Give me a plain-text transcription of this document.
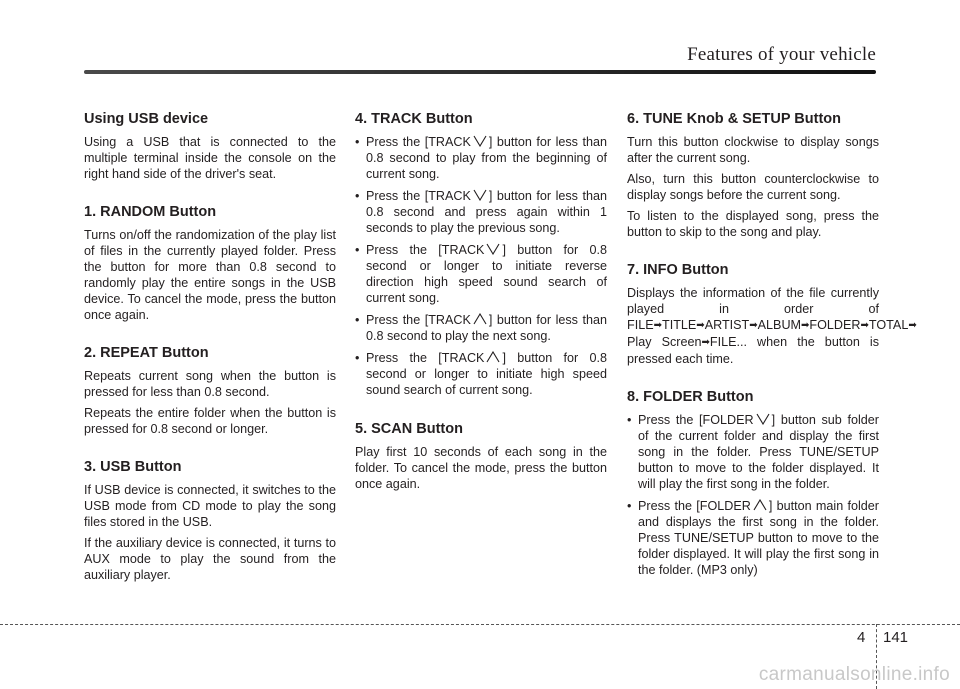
Features of your vehicle
Using USB device
Using a USB that is connected to the multiple terminal inside the console on the right hand side of the driver's seat.
1. RANDOM Button
Turns on/off the randomization of the play list of files in the currently played folder. Press the button for more than 0.8 second to randomly play the entire songs in the USB device. To cancel the mode, press the button once again.
2. REPEAT Button
Repeats current song when the button is pressed for less than 0.8 second.
Repeats the entire folder when the button is pressed for 0.8 second or longer.
3. USB Button
If USB device is connected, it switches to the USB mode from CD mode to play the song files stored in the USB.
If the auxiliary device is connected, it turns to AUX mode to play the sound from the auxiliary player.
4. TRACK Button
• Press the [TRACK ] button for less than 0.8 second to play from the beginning of current song.
• Press the [TRACK ] button for less than 0.8 second and press again within 1 seconds to play the previous song.
• Press the [TRACK ] button for 0.8 second or longer to initiate reverse direction high speed sound search of current song.
• Press the [TRACK ] button for less than 0.8 second to play the next song.
• Press the [TRACK ] button for 0.8 second or longer to initiate high speed sound search of current song.
5. SCAN Button
Play first 10 seconds of each song in the folder. To cancel the mode, press the button once again.
6. TUNE Knob & SETUP Button
Turn this button clockwise to display songs after the current song.
Also, turn this button counterclockwise to display songs before the current song.
To listen to the displayed song, press the button to skip to the song and play.
7. INFO Button
Displays the information of the file currently played in order of FILE➡TITLE➡ARTIST➡ALBUM➡FOLDER➡TOTAL➡ Play Screen➡FILE... when the button is pressed each time.
8. FOLDER Button
• Press the [FOLDER ] button sub folder of the current folder and display the first song in the folder. Press TUNE/SETUP button to move to the folder displayed. It will play the first song in the folder.
• Press the [FOLDER ] button main folder and displays the first song in the folder. Press TUNE/SETUP button to move to the folder displayed. It will play the first song in the folder. (MP3 only)
4 141
carmanualsonline.info
